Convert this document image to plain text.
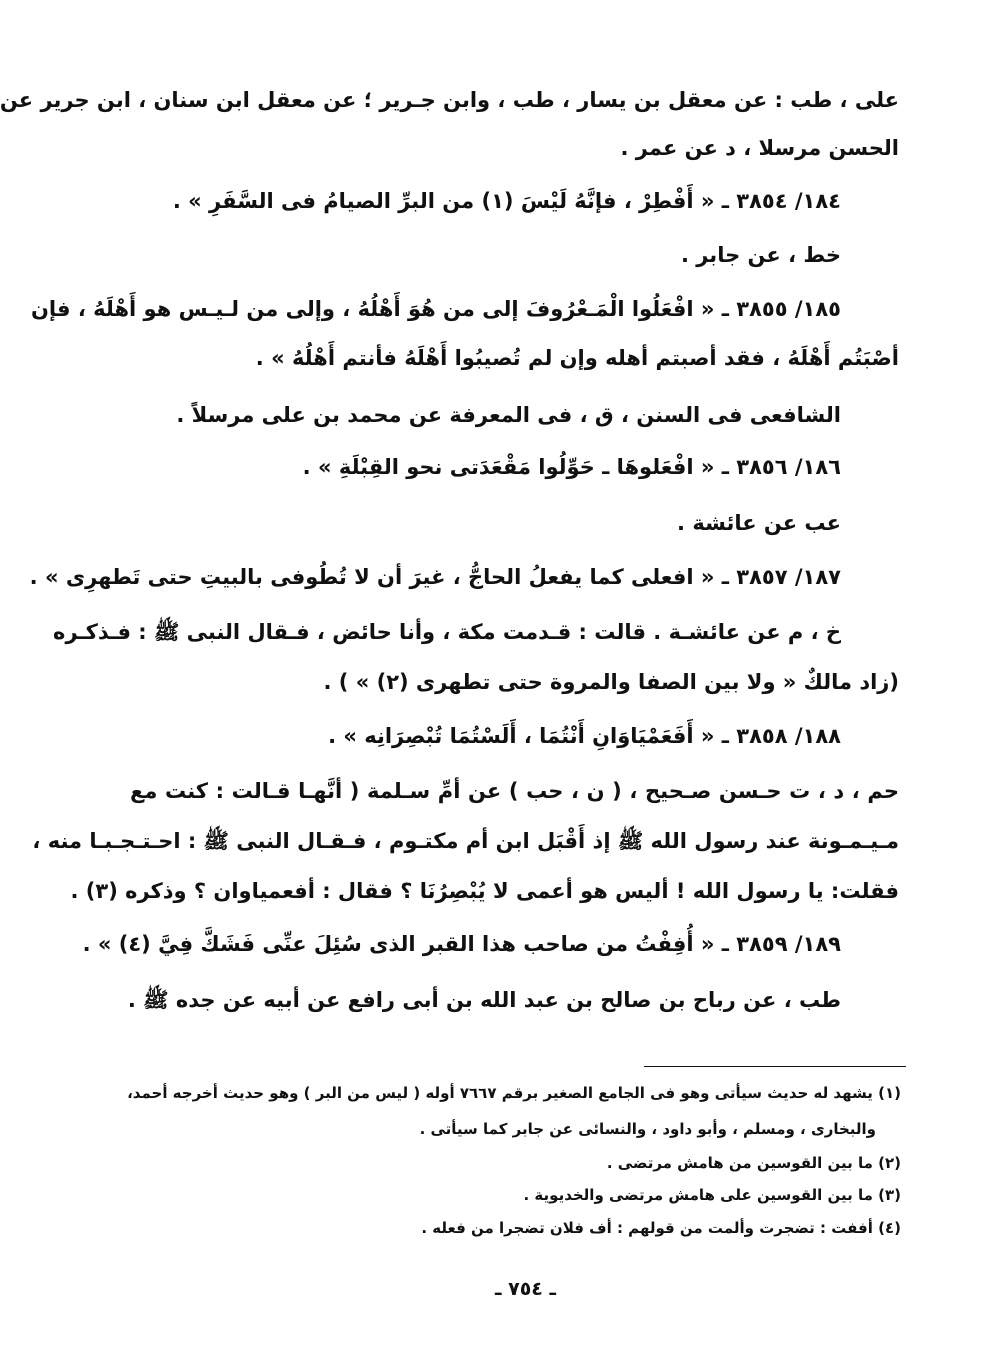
على ، طب : عن معقل بن يسار ، طب ، وابن جـرير ؛ عن معقل ابن سنان ، ابن جرير عن
الحسن مرسلا ، د عن عمر .
١٨٤/ ٣٨٥٤ ـ « أَفْطِرْ ، فإنَّهُ لَيْسَ (١) من البرِّ الصيامُ فى السَّفَرِ » .
خط ، عن جابر .
١٨٥/ ٣٨٥٥ ـ « افْعَلُوا الْمَـعْرُوفَ إلى من هُوَ أَهْلُهُ ، وإلى من لـيـس هو أَهْلَهُ ، فإن
أصْبَتُم أَهْلَهُ ، فقد أصبتم أهله وإن لم تُصيبُوا أَهْلَهُ فأنتم أَهْلُهُ » .
الشافعى فى السنن ، ق ، فى المعرفة عن محمد بن على مرسلاً .
١٨٦/ ٣٨٥٦ ـ « افْعَلوهَا ـ حَوِّلُوا مَقْعَدَتى نحو القِبْلَةِ » .
عب عن عائشة .
١٨٧/ ٣٨٥٧ ـ « افعلى كما يفعلُ الحاجُّ ، غيرَ أن لا تُطُوفى بالبيتِ حتى تَطهرِى » .
خ ، م عن عائشـة . قالت : قـدمت مكة ، وأنا حائض ، فـقال النبى ﷺ : فـذكـره
(زاد مالكٌ « ولا بين الصفا والمروة حتى تطهرى (٢) » ) .
١٨٨/ ٣٨٥٨ ـ « أَفَعَمْيَاوَانِ أَنْتُمَا ، أَلَسْتُمَا تُبْصِرَانِه » .
حم ، د ، ت حـسن صـحيح ، ( ن ، حب ) عن أمِّ سـلمة ( أنَّهـا قـالت : كنت مع
مـيـمـونة عند رسول الله ﷺ إذ أَقْبَل ابن أم مكتـوم ، فـقـال النبى ﷺ : احـتـجـبـا منه ،
فقلت: يا رسول الله ! أليس هو أعمى لا يُبْصِرُنَا ؟ فقال : أفعمياوان ؟ وذكره (٣) .
١٨٩/ ٣٨٥٩ ـ « أُفِفْتُ من صاحب هذا القبر الذى سُئِلَ عنِّى فَشَكَّ فِيَّ (٤) » .
طب ، عن رباح بن صالح بن عبد الله بن أبى رافع عن أبيه عن جده ﷺ .
(١) يشهد له حديث سيأتى وهو فى الجامع الصغير برقم ٧٦٦٧ أوله ( ليس من البر ) وهو حديث أخرجه أحمد،
والبخارى ، ومسلم ، وأبو داود ، والنسائى عن جابر كما سيأتى .
(٢) ما بين القوسين من هامش مرتضى .
(٣) ما بين القوسين على هامش مرتضى والخديوية .
(٤) أففت : تضجرت وألمت من قولهم : أف فلان تضجرا من فعله .
ـ ٧٥٤ ـ
